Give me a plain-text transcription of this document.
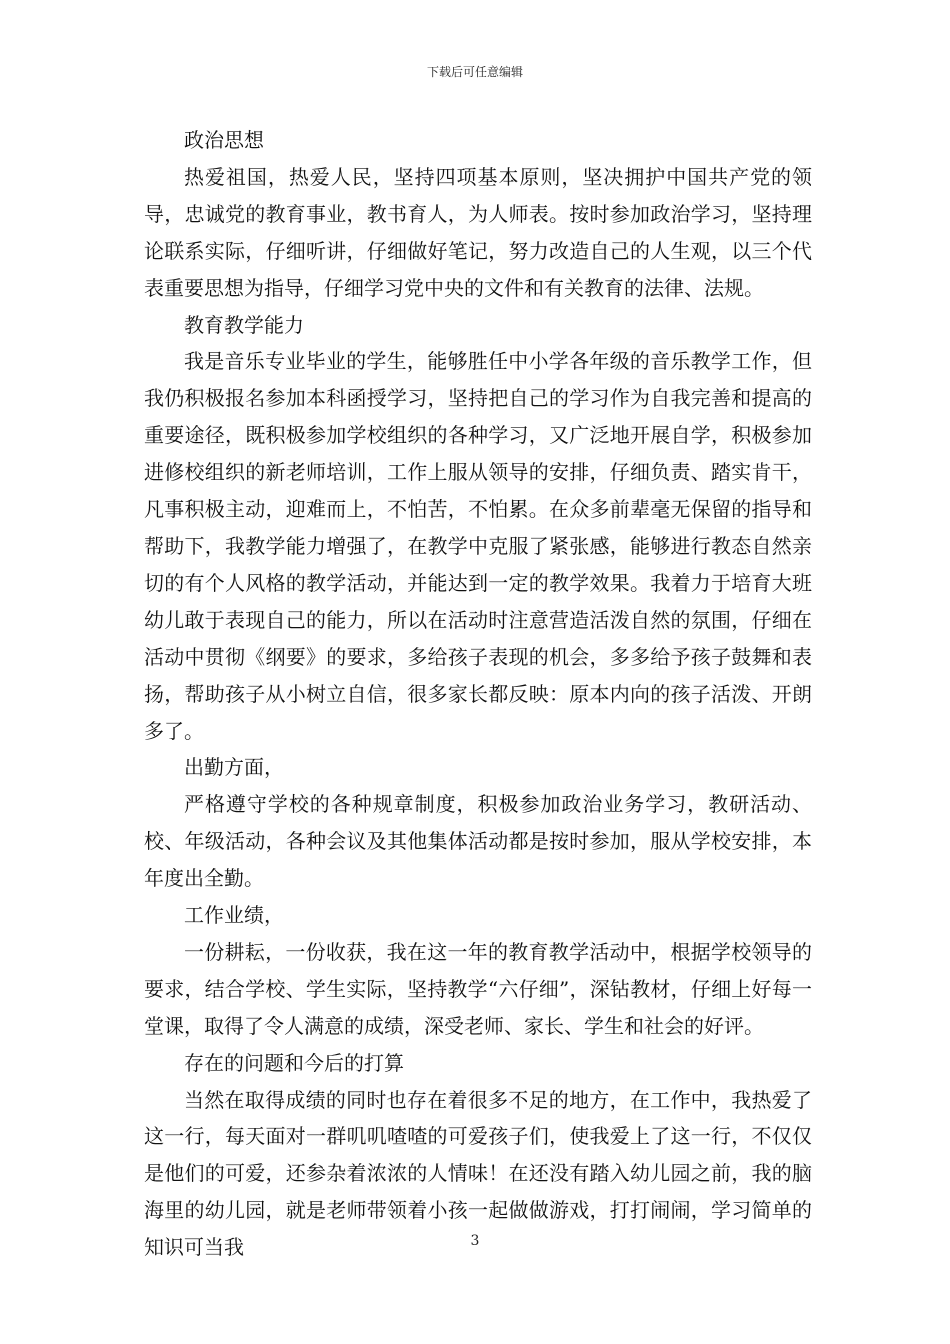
下载后可任意编辑

政治思想

热爱祖国，热爱人民，坚持四项基本原则，坚决拥护中国共产党的领导，忠诚党的教育事业，教书育人，为人师表。按时参加政治学习，坚持理论联系实际，仔细听讲，仔细做好笔记，努力改造自己的人生观，以三个代表重要思想为指导，仔细学习党中央的文件和有关教育的法律、法规。

教育教学能力

我是音乐专业毕业的学生，能够胜任中小学各年级的音乐教学工作，但我仍积极报名参加本科函授学习，坚持把自己的学习作为自我完善和提高的重要途径，既积极参加学校组织的各种学习，又广泛地开展自学，积极参加进修校组织的新老师培训，工作上服从领导的安排，仔细负责、踏实肯干，凡事积极主动，迎难而上，不怕苦，不怕累。在众多前辈毫无保留的指导和帮助下，我教学能力增强了，在教学中克服了紧张感，能够进行教态自然亲切的有个人风格的教学活动，并能达到一定的教学效果。我着力于培育大班幼儿敢于表现自己的能力，所以在活动时注意营造活泼自然的氛围，仔细在活动中贯彻《纲要》的要求，多给孩子表现的机会，多多给予孩子鼓舞和表扬，帮助孩子从小树立自信，很多家长都反映：原本内向的孩子活泼、开朗多了。

出勤方面，

严格遵守学校的各种规章制度，积极参加政治业务学习，教研活动、校、年级活动，各种会议及其他集体活动都是按时参加，服从学校安排，本年度出全勤。

工作业绩，

一份耕耘，一份收获，我在这一年的教育教学活动中，根据学校领导的要求，结合学校、学生实际，坚持教学“六仔细”，深钻教材，仔细上好每一堂课，取得了令人满意的成绩，深受老师、家长、学生和社会的好评。

存在的问题和今后的打算

当然在取得成绩的同时也存在着很多不足的地方，在工作中，我热爱了这一行，每天面对一群叽叽喳喳的可爱孩子们，使我爱上了这一行，不仅仅是他们的可爱，还参杂着浓浓的人情味！在还没有踏入幼儿园之前，我的脑海里的幼儿园，就是老师带领着小孩一起做做游戏，打打闹闹，学习简单的知识可当我	3
